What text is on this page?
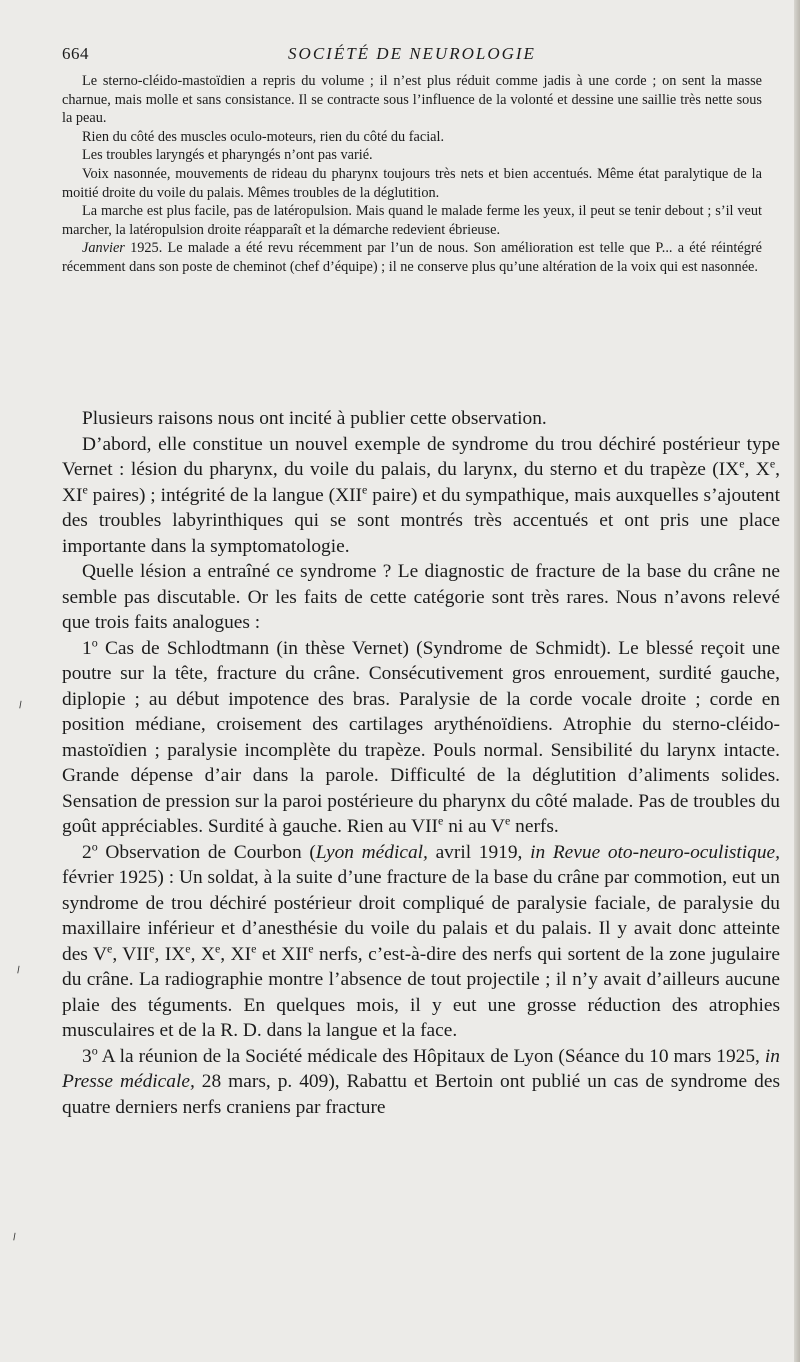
664	SOCIÉTÉ DE NEUROLOGIE

Le sterno-cléido-mastoïdien a repris du volume ; il n’est plus réduit comme jadis à une corde ; on sent la masse charnue, mais molle et sans consistance. Il se contracte sous l’influence de la volonté et dessine une saillie très nette sous la peau.

Rien du côté des muscles oculo-moteurs, rien du côté du facial.

Les troubles laryngés et pharyngés n’ont pas varié.

Voix nasonnée, mouvements de rideau du pharynx toujours très nets et bien accentués. Même état paralytique de la moitié droite du voile du palais. Mêmes troubles de la déglutition.

La marche est plus facile, pas de latéropulsion. Mais quand le malade ferme les yeux, il peut se tenir debout ; s’il veut marcher, la latéropulsion droite réapparaît et la démarche redevient ébrieuse.

Janvier 1925. Le malade a été revu récemment par l’un de nous. Son amélioration est telle que P... a été réintégré récemment dans son poste de cheminot (chef d’équipe) ; il ne conserve plus qu’une altération de la voix qui est nasonnée.

Plusieurs raisons nous ont incité à publier cette observation.

D’abord, elle constitue un nouvel exemple de syndrome du trou déchiré postérieur type Vernet : lésion du pharynx, du voile du palais, du larynx, du sterno et du trapèze (IXe, Xe, XIe paires) ; intégrité de la langue (XIIe paire) et du sympathique, mais auxquelles s’ajoutent des troubles labyrinthiques qui se sont montrés très accentués et ont pris une place importante dans la symptomatologie.

Quelle lésion a entraîné ce syndrome ? Le diagnostic de fracture de la base du crâne ne semble pas discutable. Or les faits de cette catégorie sont très rares. Nous n’avons relevé que trois faits analogues :

1$^o$ Cas de Schlodtmann (in thèse Vernet) (Syndrome de Schmidt). Le blessé reçoit une poutre sur la tête, fracture du crâne. Consécutivement gros enrouement, surdité gauche, diplopie ; au début impotence des bras. Paralysie de la corde vocale droite ; corde en position médiane, croisement des cartilages arythénoïdiens. Atrophie du sterno-cléido-mastoïdien ; paralysie incomplète du trapèze. Pouls normal. Sensibilité du larynx intacte. Grande dépense d’air dans la parole. Difficulté de la déglutition d’aliments solides. Sensation de pression sur la paroi postérieure du pharynx du côté malade. Pas de troubles du goût appréciables. Surdité à gauche. Rien au VIIe ni au Ve nerfs.

2$^o$ Observation de Courbon (Lyon médical, avril 1919, in Revue oto-neuro-oculistique, février 1925) : Un soldat, à la suite d’une fracture de la base du crâne par commotion, eut un syndrome de trou déchiré postérieur droit compliqué de paralysie faciale, de paralysie du maxillaire inférieur et d’anesthésie du voile du palais et du palais. Il y avait donc atteinte des Ve, VIIe, IXe, Xe, XIe et XIIe nerfs, c’est-à-dire des nerfs qui sortent de la zone jugulaire du crâne. La radiographie montre l’absence de tout projectile ; il n’y avait d’ailleurs aucune plaie des téguments. En quelques mois, il y eut une grosse réduction des atrophies musculaires et de la R. D. dans la langue et la face.

3$^o$ A la réunion de la Société médicale des Hôpitaux de Lyon (Séance du 10 mars 1925, in Presse médicale, 28 mars, p. 409), Rabattu et Bertoin ont publié un cas de syndrome des quatre derniers nerfs craniens par fracture

⸝
⸝
⸝
